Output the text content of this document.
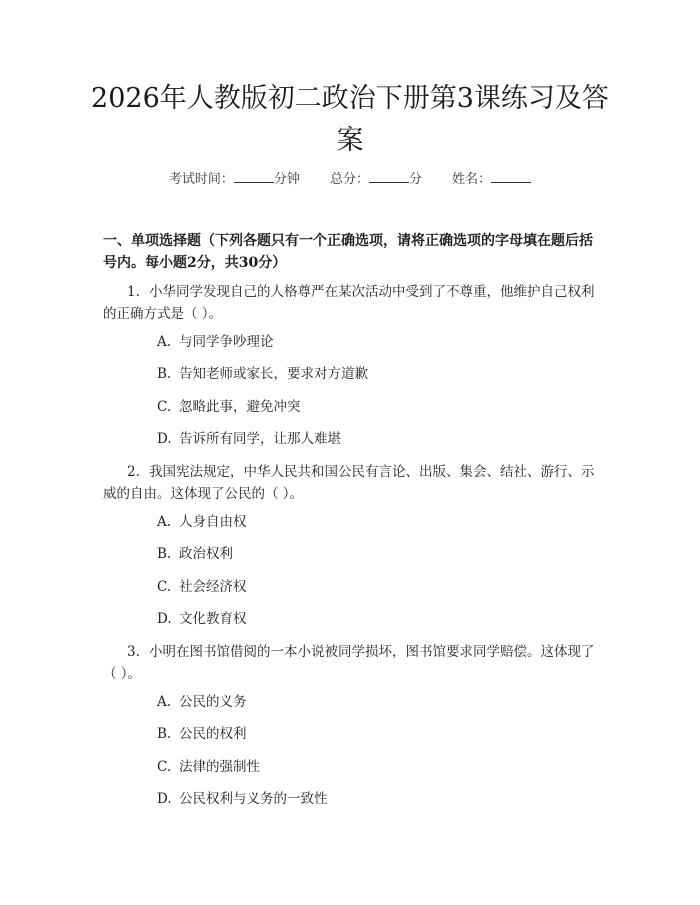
2026年人教版初二政治下册第3课练习及答案
考试时间：	分钟 总分：	分 姓名：
一、单项选择题（下列各题只有一个正确选项，请将正确选项的字母填在题后括号内。每小题2分，共30分）
1. 小华同学发现自己的人格尊严在某次活动中受到了不尊重，他维护自己权利的正确方式是（ ）。
A. 与同学争吵理论
B. 告知老师或家长，要求对方道歉
C. 忽略此事，避免冲突
D. 告诉所有同学，让那人难堪
2. 我国宪法规定，中华人民共和国公民有言论、出版、集会、结社、游行、示威的自由。这体现了公民的（ ）。
A. 人身自由权
B. 政治权利
C. 社会经济权
D. 文化教育权
3. 小明在图书馆借阅的一本小说被同学损坏，图书馆要求同学赔偿。这体现了（ ）。
A. 公民的义务
B. 公民的权利
C. 法律的强制性
D. 公民权利与义务的一致性
